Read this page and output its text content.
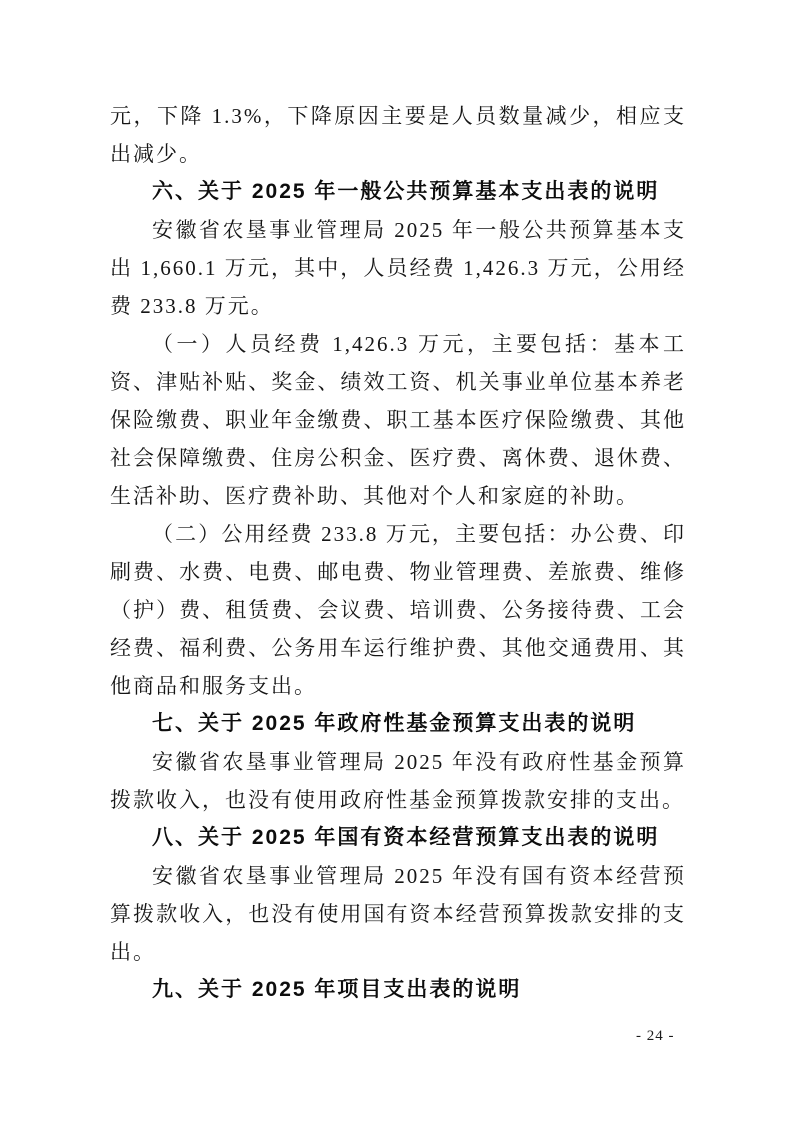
元，下降 1.3%，下降原因主要是人员数量减少，相应支出减少。

六、关于 2025 年一般公共预算基本支出表的说明

安徽省农垦事业管理局 2025 年一般公共预算基本支出 1,660.1 万元，其中，人员经费 1,426.3 万元，公用经费 233.8 万元。

（一）人员经费 1,426.3 万元，主要包括：基本工资、津贴补贴、奖金、绩效工资、机关事业单位基本养老保险缴费、职业年金缴费、职工基本医疗保险缴费、其他社会保障缴费、住房公积金、医疗费、离休费、退休费、生活补助、医疗费补助、其他对个人和家庭的补助。

（二）公用经费 233.8 万元，主要包括：办公费、印刷费、水费、电费、邮电费、物业管理费、差旅费、维修（护）费、租赁费、会议费、培训费、公务接待费、工会经费、福利费、公务用车运行维护费、其他交通费用、其他商品和服务支出。

七、关于 2025 年政府性基金预算支出表的说明

安徽省农垦事业管理局 2025 年没有政府性基金预算拨款收入，也没有使用政府性基金预算拨款安排的支出。

八、关于 2025 年国有资本经营预算支出表的说明

安徽省农垦事业管理局 2025 年没有国有资本经营预算拨款收入，也没有使用国有资本经营预算拨款安排的支出。

九、关于 2025 年项目支出表的说明
- 24 -
